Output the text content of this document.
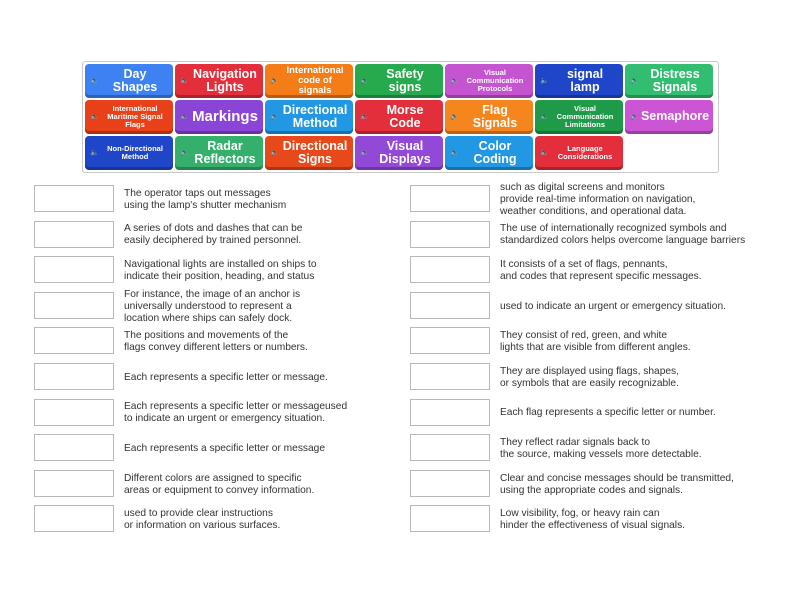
🔈	Day Shapes	🔈 Navigation Lights	🔈
International code of signals
🔈	Safety signs	🔈
Visual Communication Protocols
🔈	signal lamp	🔈 Distress Signals
🔈
International Maritime Signal Flags
🔈 Markings 🔈 Directional Method	🔈	Morse Code	🔈	Flag Signals	🔈
Visual Communication Limitations
🔈 Semaphore
🔈	Non-Directional Method	🔈	Radar Reflectors	🔈 Directional Signs	🔈	Visual Displays	🔈	Color Coding	🔈	Language Considerations
The operator taps out messages
using the lamp's shutter mechanism
A series of dots and dashes that can be
easily deciphered by trained personnel.
Navigational lights are installed on ships to
indicate their position, heading, and status
For instance, the image of an anchor is
universally understood to represent a
location where ships can safely dock.
The positions and movements of the
flags convey different letters or numbers.
Each represents a specific letter or message.
Each represents a specific letter or messageused
to indicate an urgent or emergency situation.
Each represents a specific letter or message
Different colors are assigned to specific
areas or equipment to convey information.
used to provide clear instructions
or information on various surfaces.
such as digital screens and monitors
provide real-time information on navigation,
weather conditions, and operational data.
The use of internationally recognized symbols and
standardized colors helps overcome language barriers
It consists of a set of flags, pennants,
and codes that represent specific messages.
used to indicate an urgent or emergency situation.
They consist of red, green, and white
lights that are visible from different angles.
They are displayed using flags, shapes,
or symbols that are easily recognizable.
Each flag represents a specific letter or number.
They reflect radar signals back to
the source, making vessels more detectable.
Clear and concise messages should be transmitted,
using the appropriate codes and signals.
Low visibility, fog, or heavy rain can
hinder the effectiveness of visual signals.
